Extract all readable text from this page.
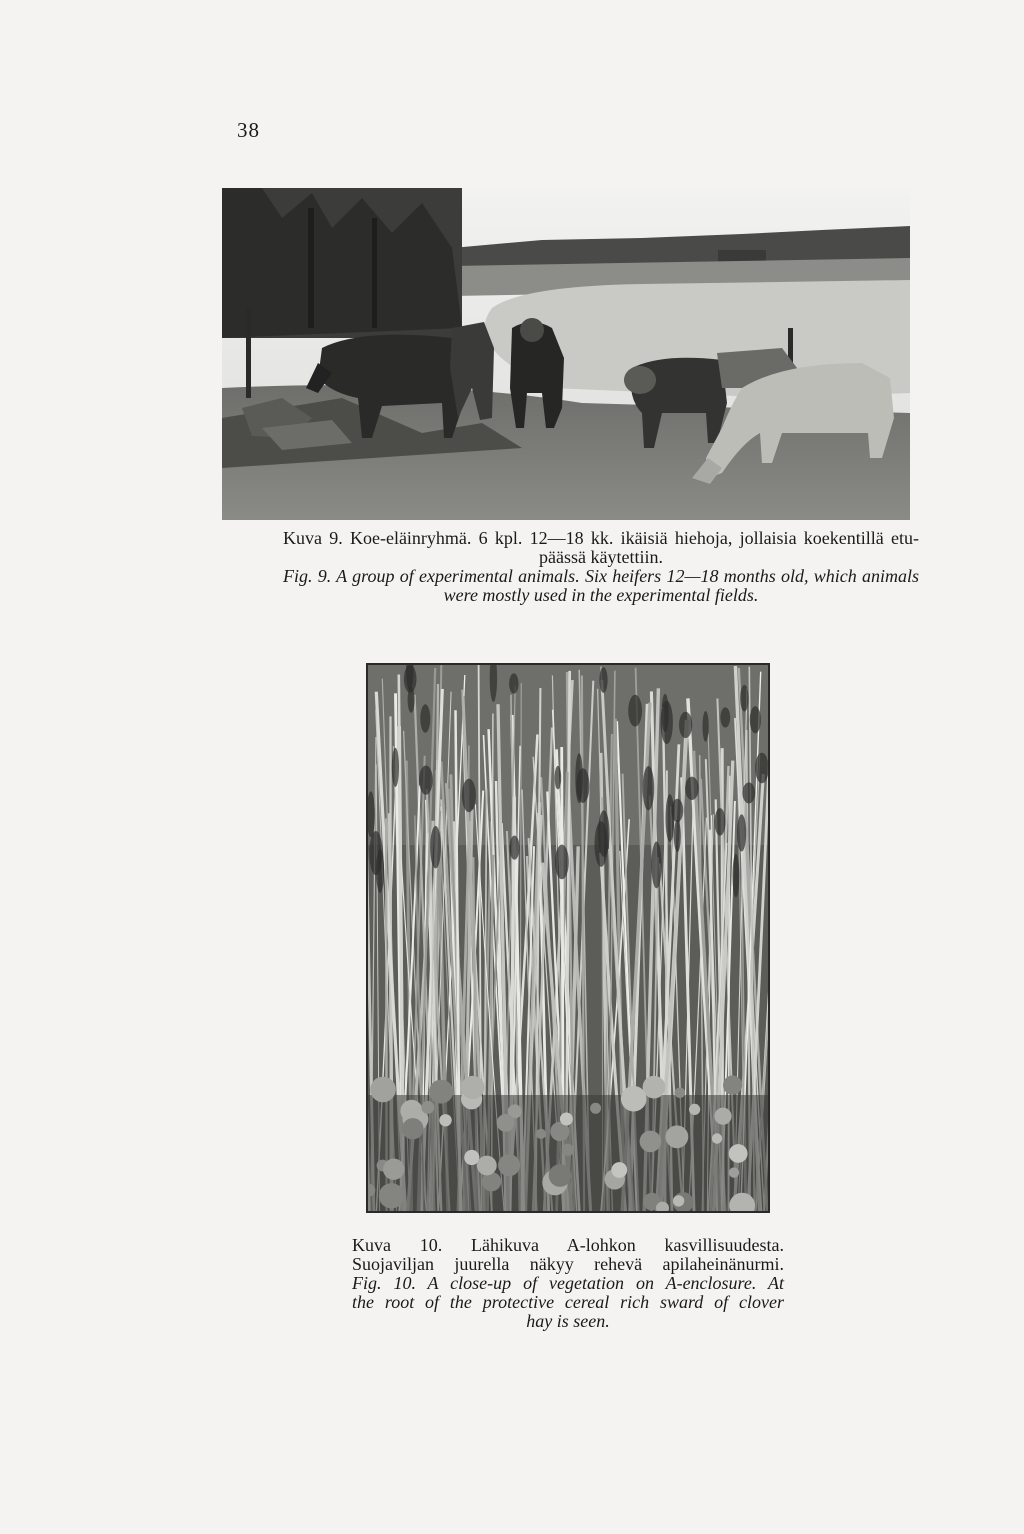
38
Kuva 9. Koe-eläinryhmä. 6 kpl. 12—18 kk. ikäisiä hiehoja, jollaisia koekentillä etu-
päässä käytettiin.
Fig. 9. A group of experimental animals. Six heifers 12—18 months old, which animals
were mostly used in the experimental fields.
Kuva 10. Lähikuva A-lohkon kasvillisuudesta.
Suojaviljan juurella näkyy rehevä apilaheinänurmi.
Fig. 10. A close-up of vegetation on A-enclosure. At
the root of the protective cereal rich sward of clover
hay is seen.
